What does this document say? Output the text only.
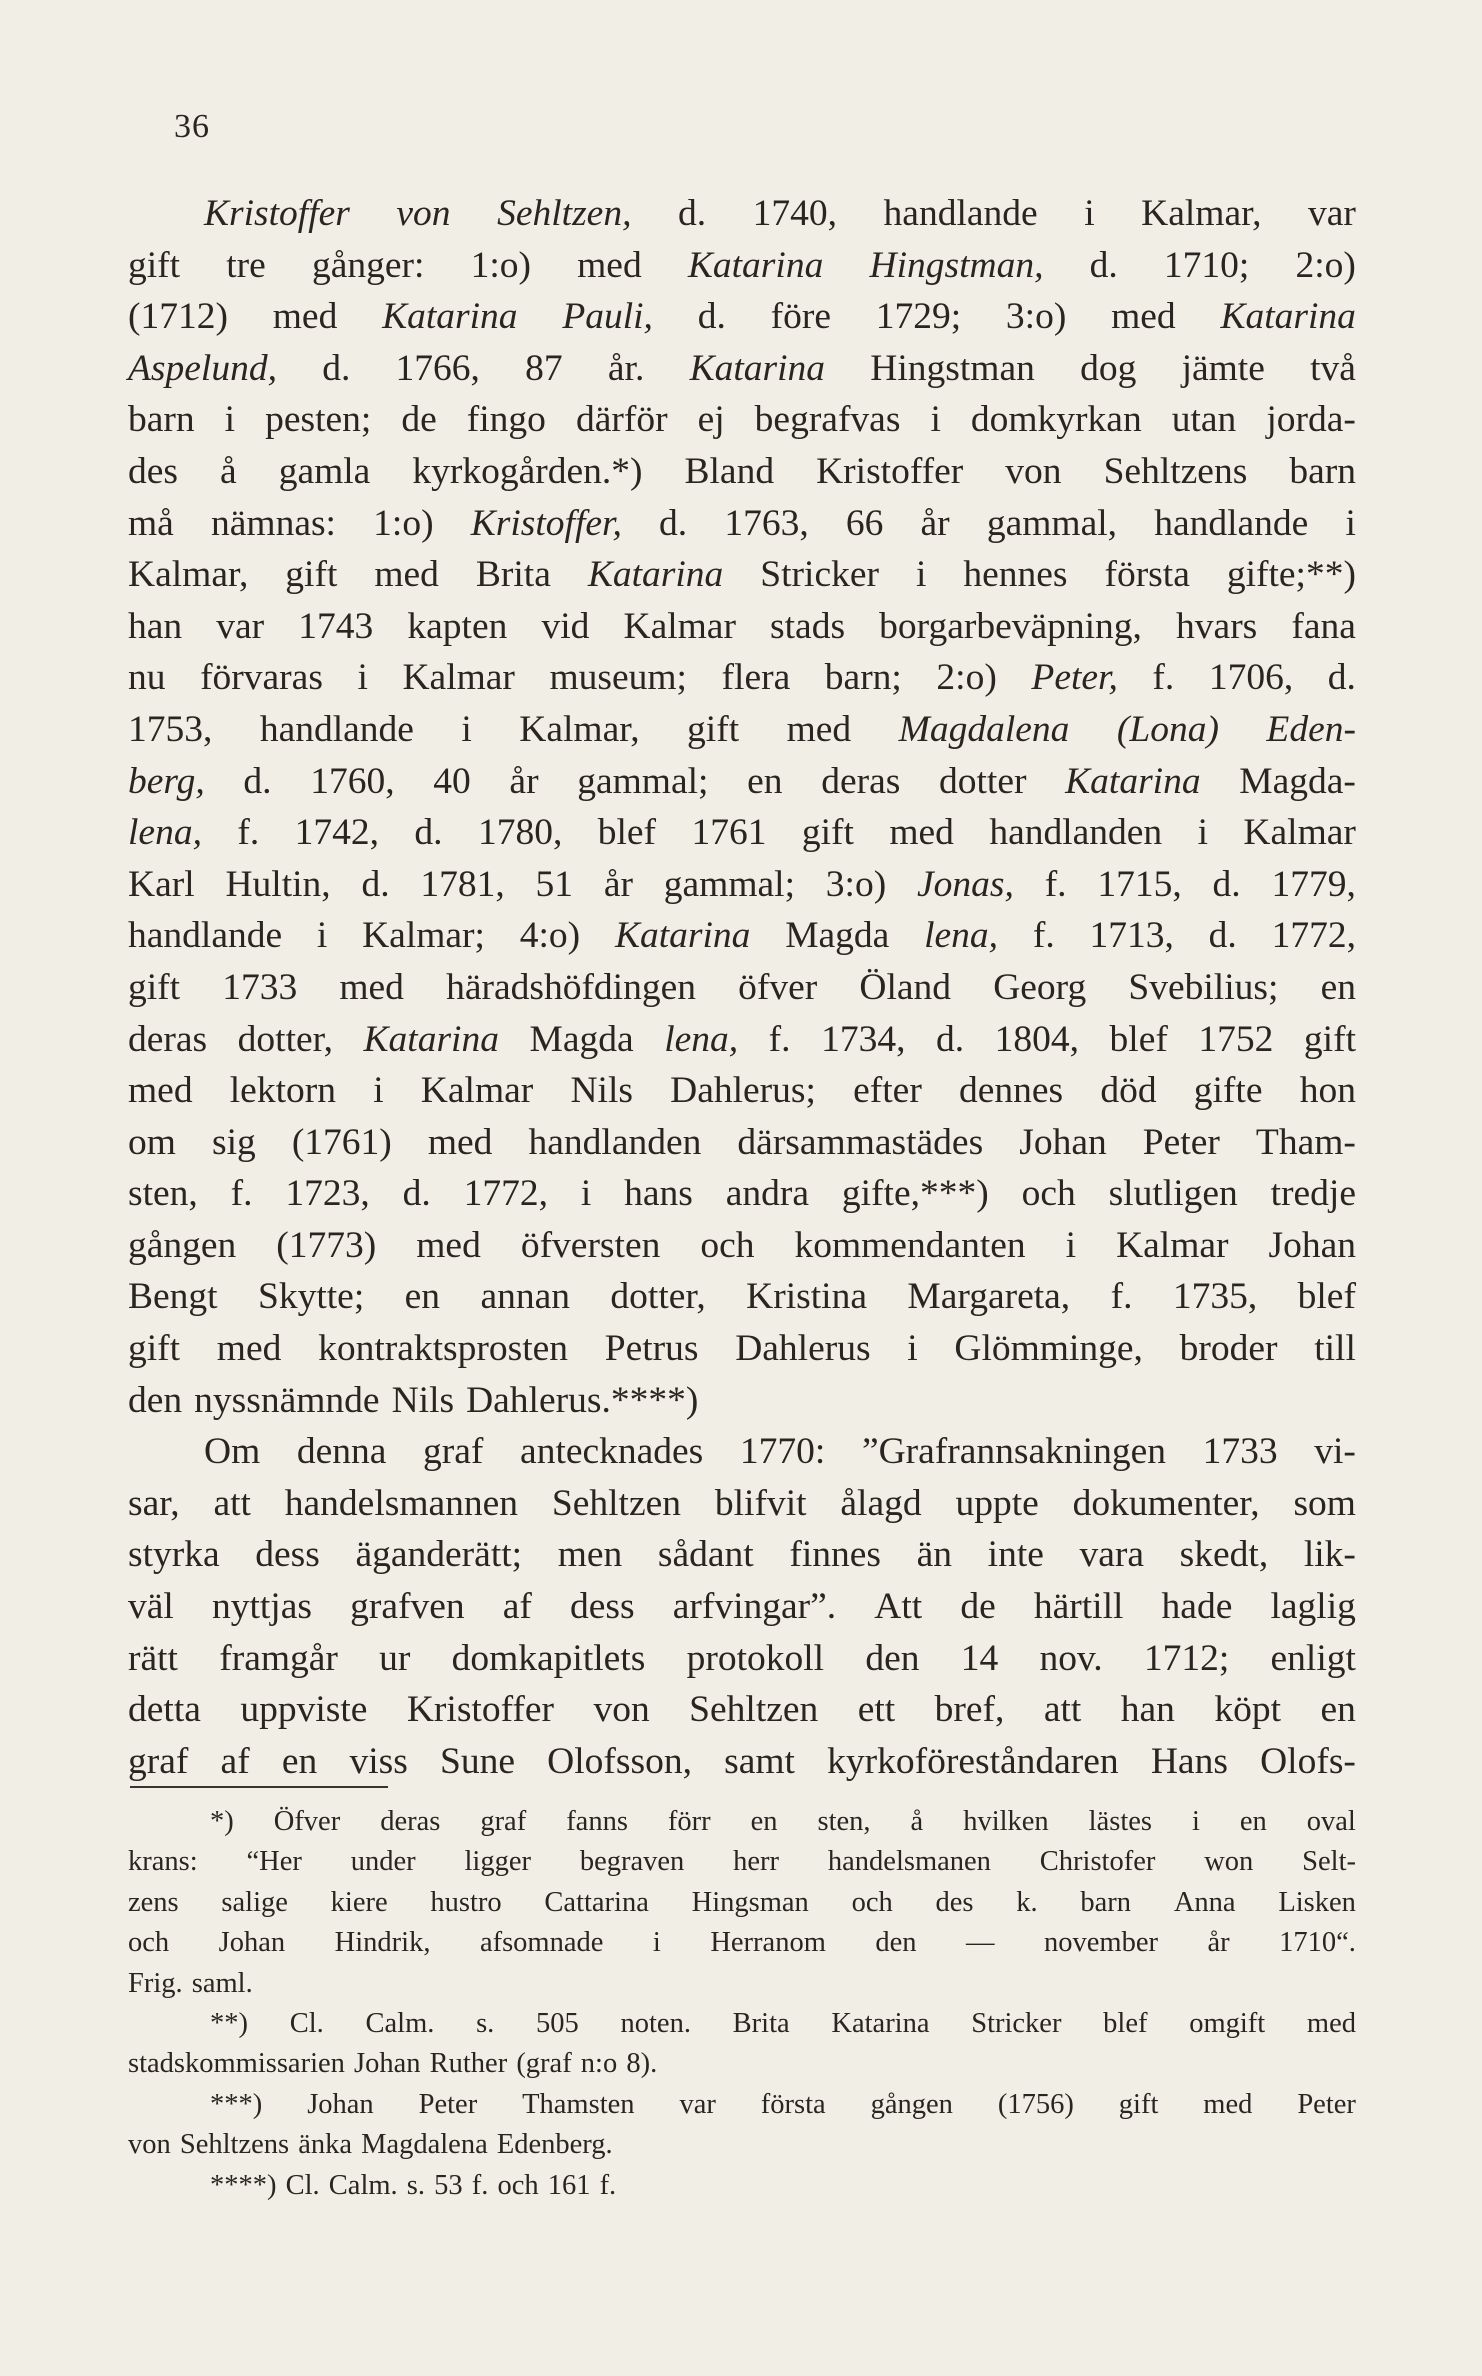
36
Kristoffer von Sehltzen, d. 1740, handlande i Kalmar, var
gift tre gånger: 1:o) med Katarina Hingstman, d. 1710; 2:o)
(1712) med Katarina Pauli, d. före 1729; 3:o) med Katarina
Aspelund, d. 1766, 87 år. Katarina Hingstman dog jämte två
barn i pesten; de fingo därför ej begrafvas i domkyrkan utan jorda-
des å gamla kyrkogården.*) Bland Kristoffer von Sehltzens barn
må nämnas: 1:o) Kristoffer, d. 1763, 66 år gammal, handlande i
Kalmar, gift med Brita Katarina Stricker i hennes första gifte;**)
han var 1743 kapten vid Kalmar stads borgarbeväpning, hvars fana
nu förvaras i Kalmar museum; flera barn; 2:o) Peter, f. 1706, d.
1753, handlande i Kalmar, gift med Magdalena (Lona) Eden-
berg, d. 1760, 40 år gammal; en deras dotter Katarina Magda-
lena, f. 1742, d. 1780, blef 1761 gift med handlanden i Kalmar
Karl Hultin, d. 1781, 51 år gammal; 3:o) Jonas, f. 1715, d. 1779,
handlande i Kalmar; 4:o) Katarina Magda lena, f. 1713, d. 1772,
gift 1733 med häradshöfdingen öfver Öland Georg Svebilius; en
deras dotter, Katarina Magda lena, f. 1734, d. 1804, blef 1752 gift
med lektorn i Kalmar Nils Dahlerus; efter dennes död gifte hon
om sig (1761) med handlanden därsammastädes Johan Peter Tham-
sten, f. 1723, d. 1772, i hans andra gifte,***) och slutligen tredje
gången (1773) med öfversten och kommendanten i Kalmar Johan
Bengt Skytte; en annan dotter, Kristina Margareta, f. 1735, blef
gift med kontraktsprosten Petrus Dahlerus i Glömminge, broder till
den nyssnämnde Nils Dahlerus.****)
Om denna graf antecknades 1770: ”Grafrannsakningen 1733 vi-
sar, att handelsmannen Sehltzen blifvit ålagd uppte dokumenter, som
styrka dess äganderätt; men sådant finnes än inte vara skedt, lik-
väl nyttjas grafven af dess arfvingar”. Att de härtill hade laglig
rätt framgår ur domkapitlets protokoll den 14 nov. 1712; enligt
detta uppviste Kristoffer von Sehltzen ett bref, att han köpt en
graf af en viss Sune Olofsson, samt kyrkoföreståndaren Hans Olofs-
*) Öfver deras graf fanns förr en sten, å hvilken lästes i en oval
krans: “Her under ligger begraven herr handelsmanen Christofer won Selt-
zens salige kiere hustro Cattarina Hingsman och des k. barn Anna Lisken
och Johan Hindrik, afsomnade i Herranom den — november år 1710“.
Frig. saml.
**) Cl. Calm. s. 505 noten. Brita Katarina Stricker blef omgift med
stadskommissarien Johan Ruther (graf n:o 8).
***) Johan Peter Thamsten var första gången (1756) gift med Peter
von Sehltzens änka Magdalena Edenberg.
****) Cl. Calm. s. 53 f. och 161 f.
